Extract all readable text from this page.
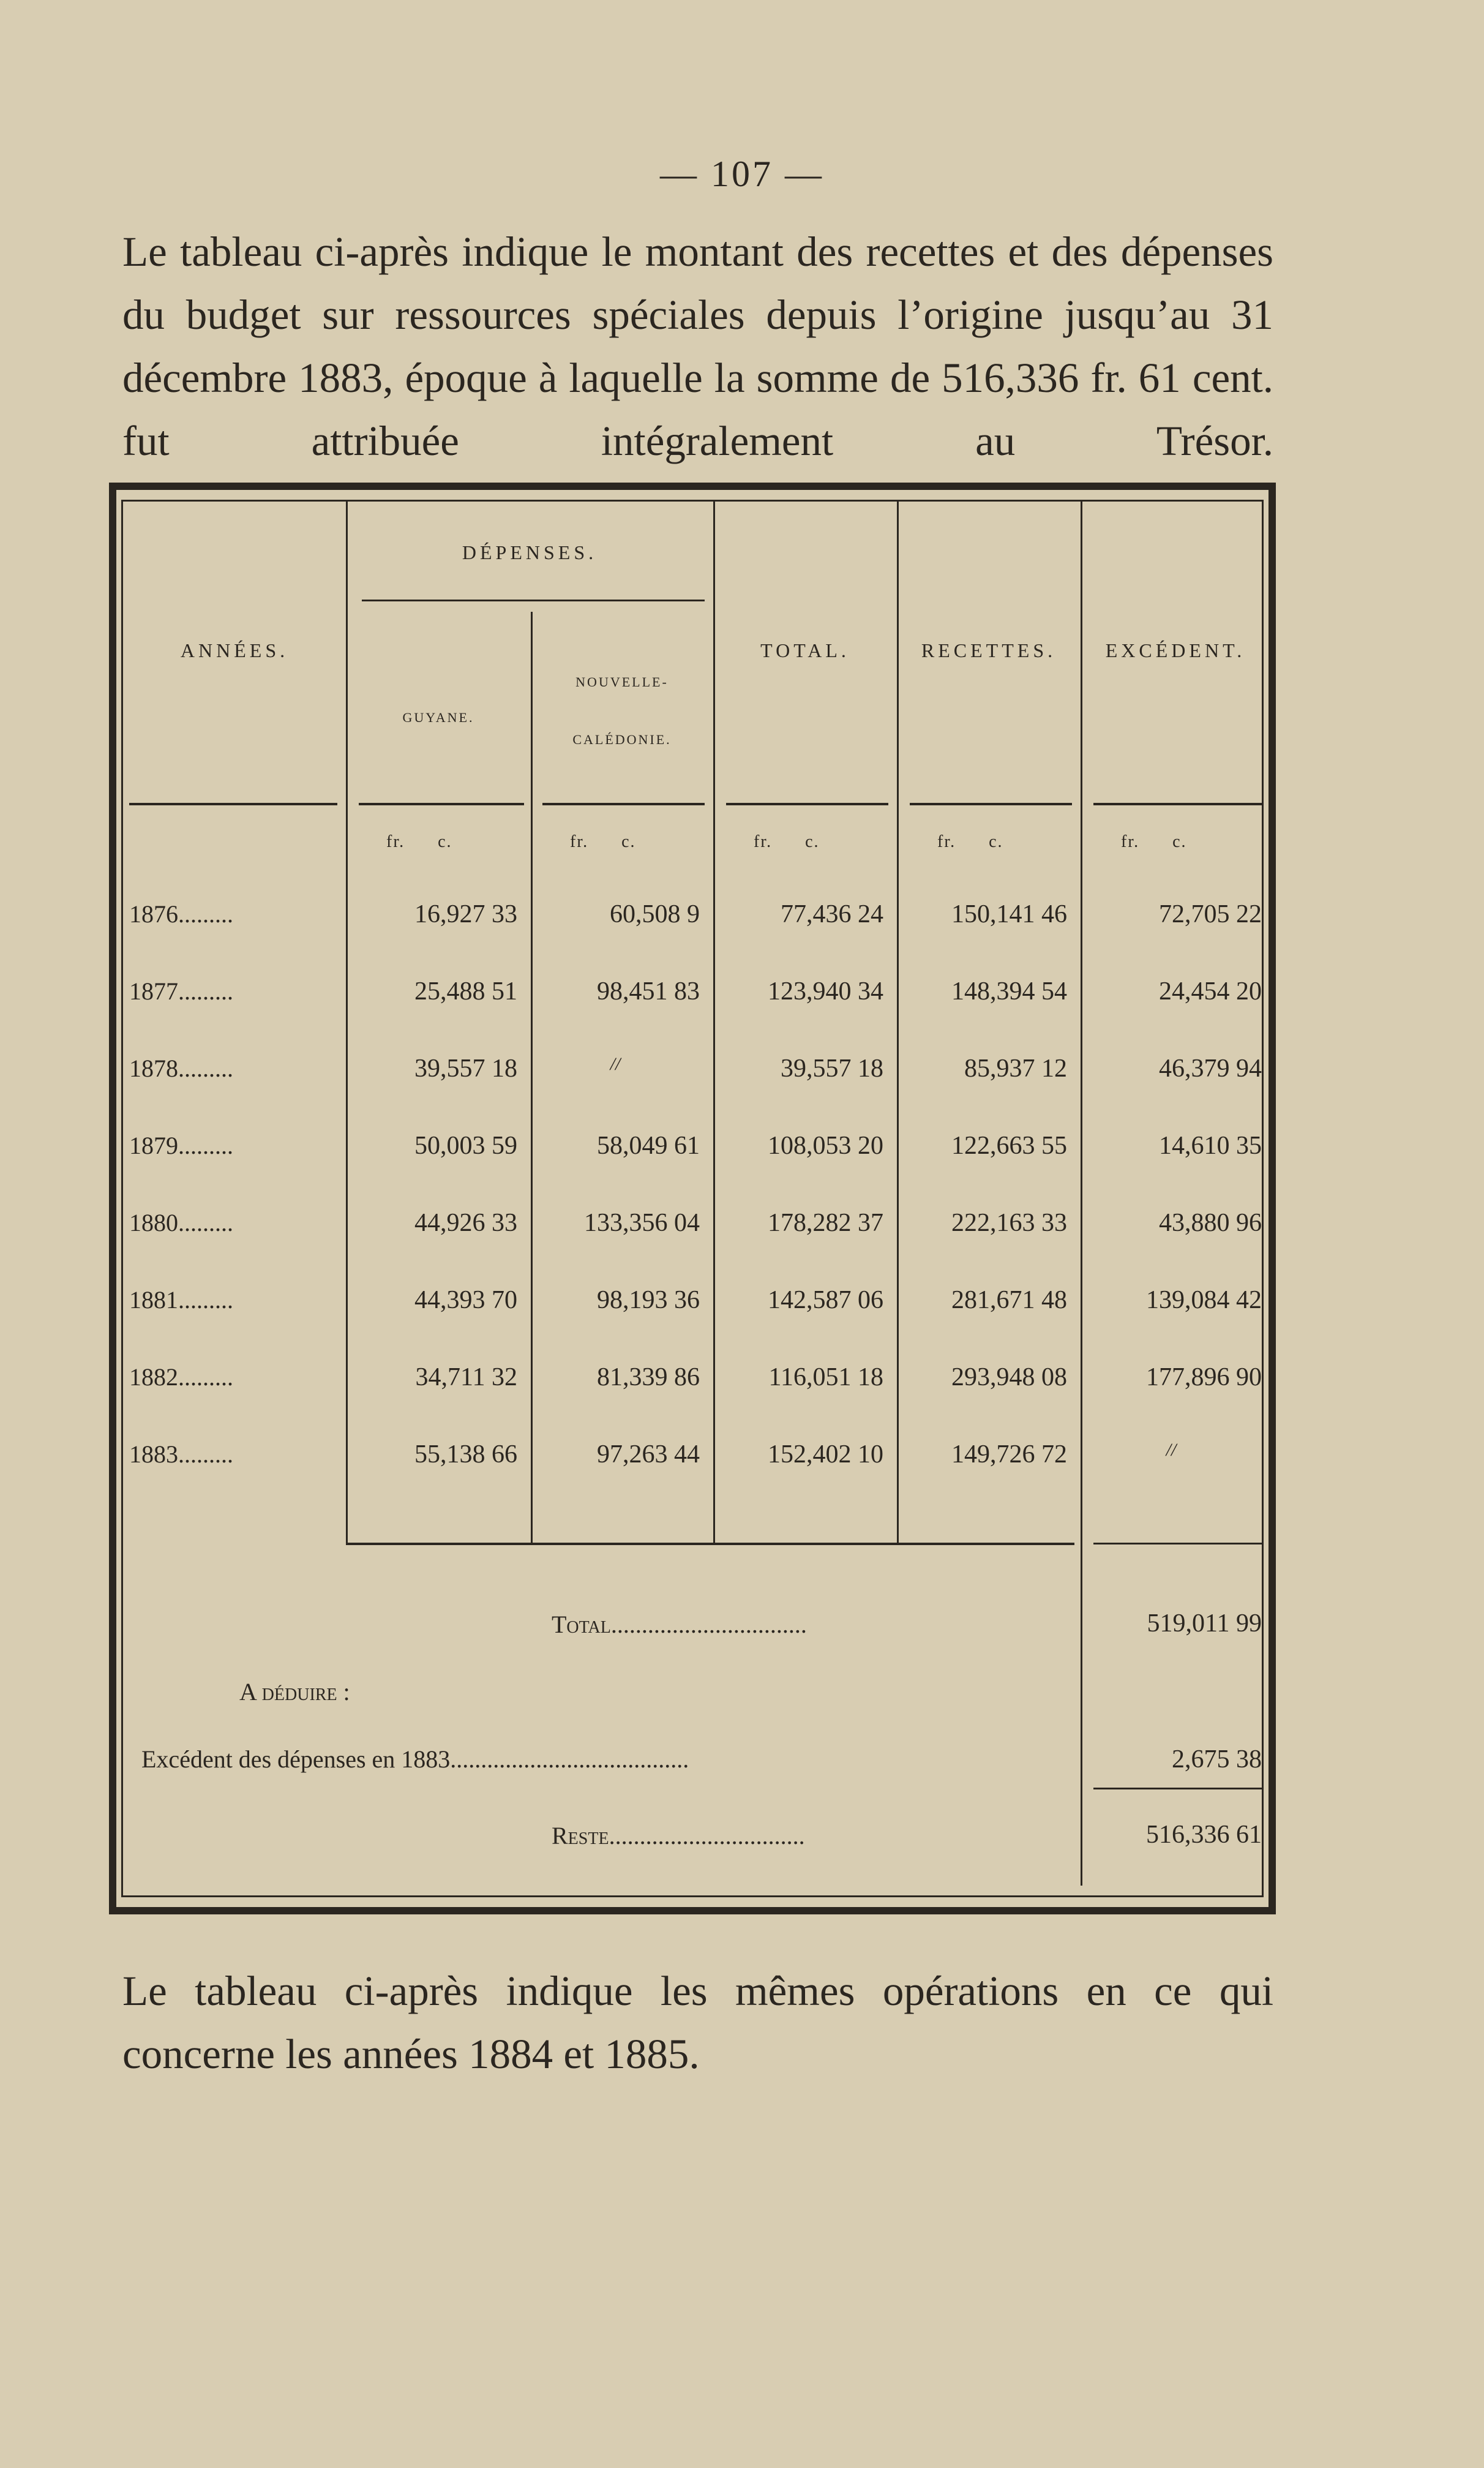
— 107 —
Le tableau ci-après indique le montant des recettes et des dépenses du budget sur ressources spéciales depuis l’origine jusqu’au 31 décembre 1883, époque à laquelle la somme de 516,336 fr. 61 cent. fut attribuée intégralement au Trésor.
ANNÉES.
DÉPENSES.
GUYANE.
NOUVELLE-
CALÉDONIE.
TOTAL.	RECETTES.	EXCÉDENT.
fr.      c.	fr.      c.	fr.      c.	fr.      c.	fr.      c.
1876.........	16,927 33	60,508 9	77,436 24	150,141 46	72,705 22
1877.........	25,488 51	98,451 83	123,940 34	148,394 54	24,454 20
1878.........	39,557 18	//	39,557 18	85,937 12	46,379 94
1879.........	50,003 59	58,049 61	108,053 20	122,663 55	14,610 35
1880.........	44,926 33	133,356 04	178,282 37	222,163 33	43,880 96
1881.........	44,393 70	98,193 36	142,587 06	281,671 48	139,084 42
1882.........	34,711 32	81,339 86	116,051 18	293,948 08	177,896 90
1883.........	55,138 66	97,263 44	152,402 10	149,726 72	//
Total................................	519,011 99
A déduire :
Excédent des dépenses en 1883.......................................	2,675 38
Reste................................	516,336 61
Le tableau ci-après indique les mêmes opérations en ce qui concerne les années 1884 et 1885.
